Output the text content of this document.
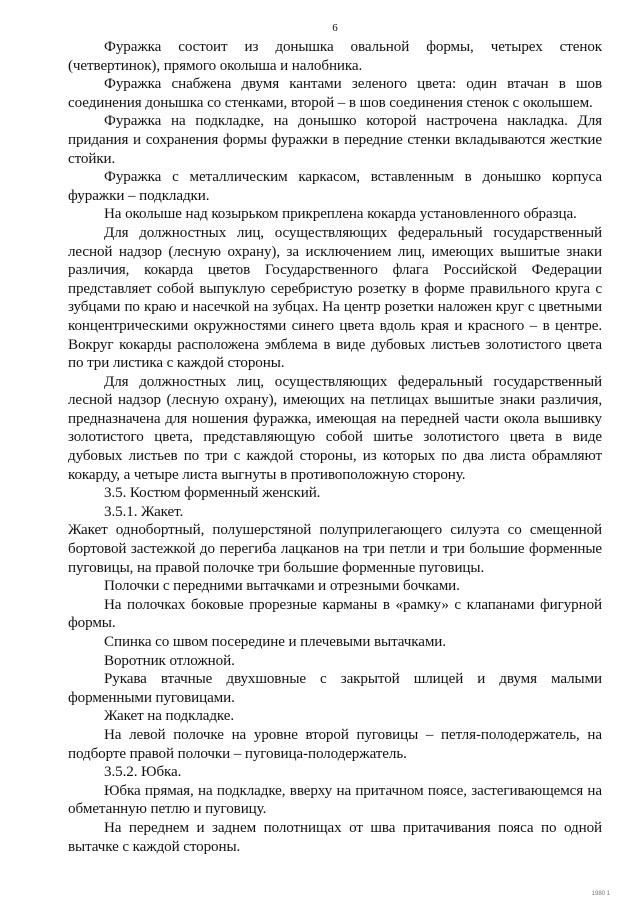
6

Фуражка состоит из донышка овальной формы, четырех стенок (четвертинок), прямого околыша и налобника.

Фуражка снабжена двумя кантами зеленого цвета: один втачан в шов соединения донышка со стенками, второй – в шов соединения стенок с околышем.

Фуражка на подкладке, на донышко которой настрочена накладка. Для придания и сохранения формы фуражки в передние стенки вкладываются жесткие стойки.

Фуражка с металлическим каркасом, вставленным в донышко корпуса фуражки – подкладки.

На околыше над козырьком прикреплена кокарда установленного образца.

Для должностных лиц, осуществляющих федеральный государственный лесной надзор (лесную охрану), за исключением лиц, имеющих вышитые знаки различия, кокарда цветов Государственного флага Российской Федерации представляет собой выпуклую серебристую розетку в форме правильного круга с зубцами по краю и насечкой на зубцах. На центр розетки наложен круг с цветными концентрическими окружностями синего цвета вдоль края и красного – в центре. Вокруг кокарды расположена эмблема в виде дубовых листьев золотистого цвета по три листика с каждой стороны.

Для должностных лиц, осуществляющих федеральный государственный лесной надзор (лесную охрану), имеющих на петлицах вышитые знаки различия, предназначена для ношения фуражка, имеющая на передней части окола вышивку золотистого цвета, представляющую собой шитье золотистого цвета в виде дубовых листьев по три с каждой стороны, из которых по два листа обрамляют кокарду, а четыре листа выгнуты в противоположную сторону.

3.5. Костюм форменный женский.

3.5.1. Жакет.

Жакет однобортный, полушерстяной полуприлегающего силуэта со смещенной бортовой застежкой до перегиба лацканов на три петли и три большие форменные пуговицы, на правой полочке три большие форменные пуговицы.

Полочки с передними вытачками и отрезными бочками.

На полочках боковые прорезные карманы в «рамку» с клапанами фигурной формы.

Спинка со швом посередине и плечевыми вытачками.

Воротник отложной.

Рукава втачные двухшовные с закрытой шлицей и двумя малыми форменными пуговицами.

Жакет на подкладке.

На левой полочке на уровне второй пуговицы – петля-полодержатель, на подборте правой полочки – пуговица-полодержатель.

3.5.2. Юбка.

Юбка прямая, на подкладке, вверху на притачном поясе, застегивающемся на обметанную петлю и пуговицу.

На переднем и заднем полотнищах от шва притачивания пояса по одной вытачке с каждой стороны.

1980 1
